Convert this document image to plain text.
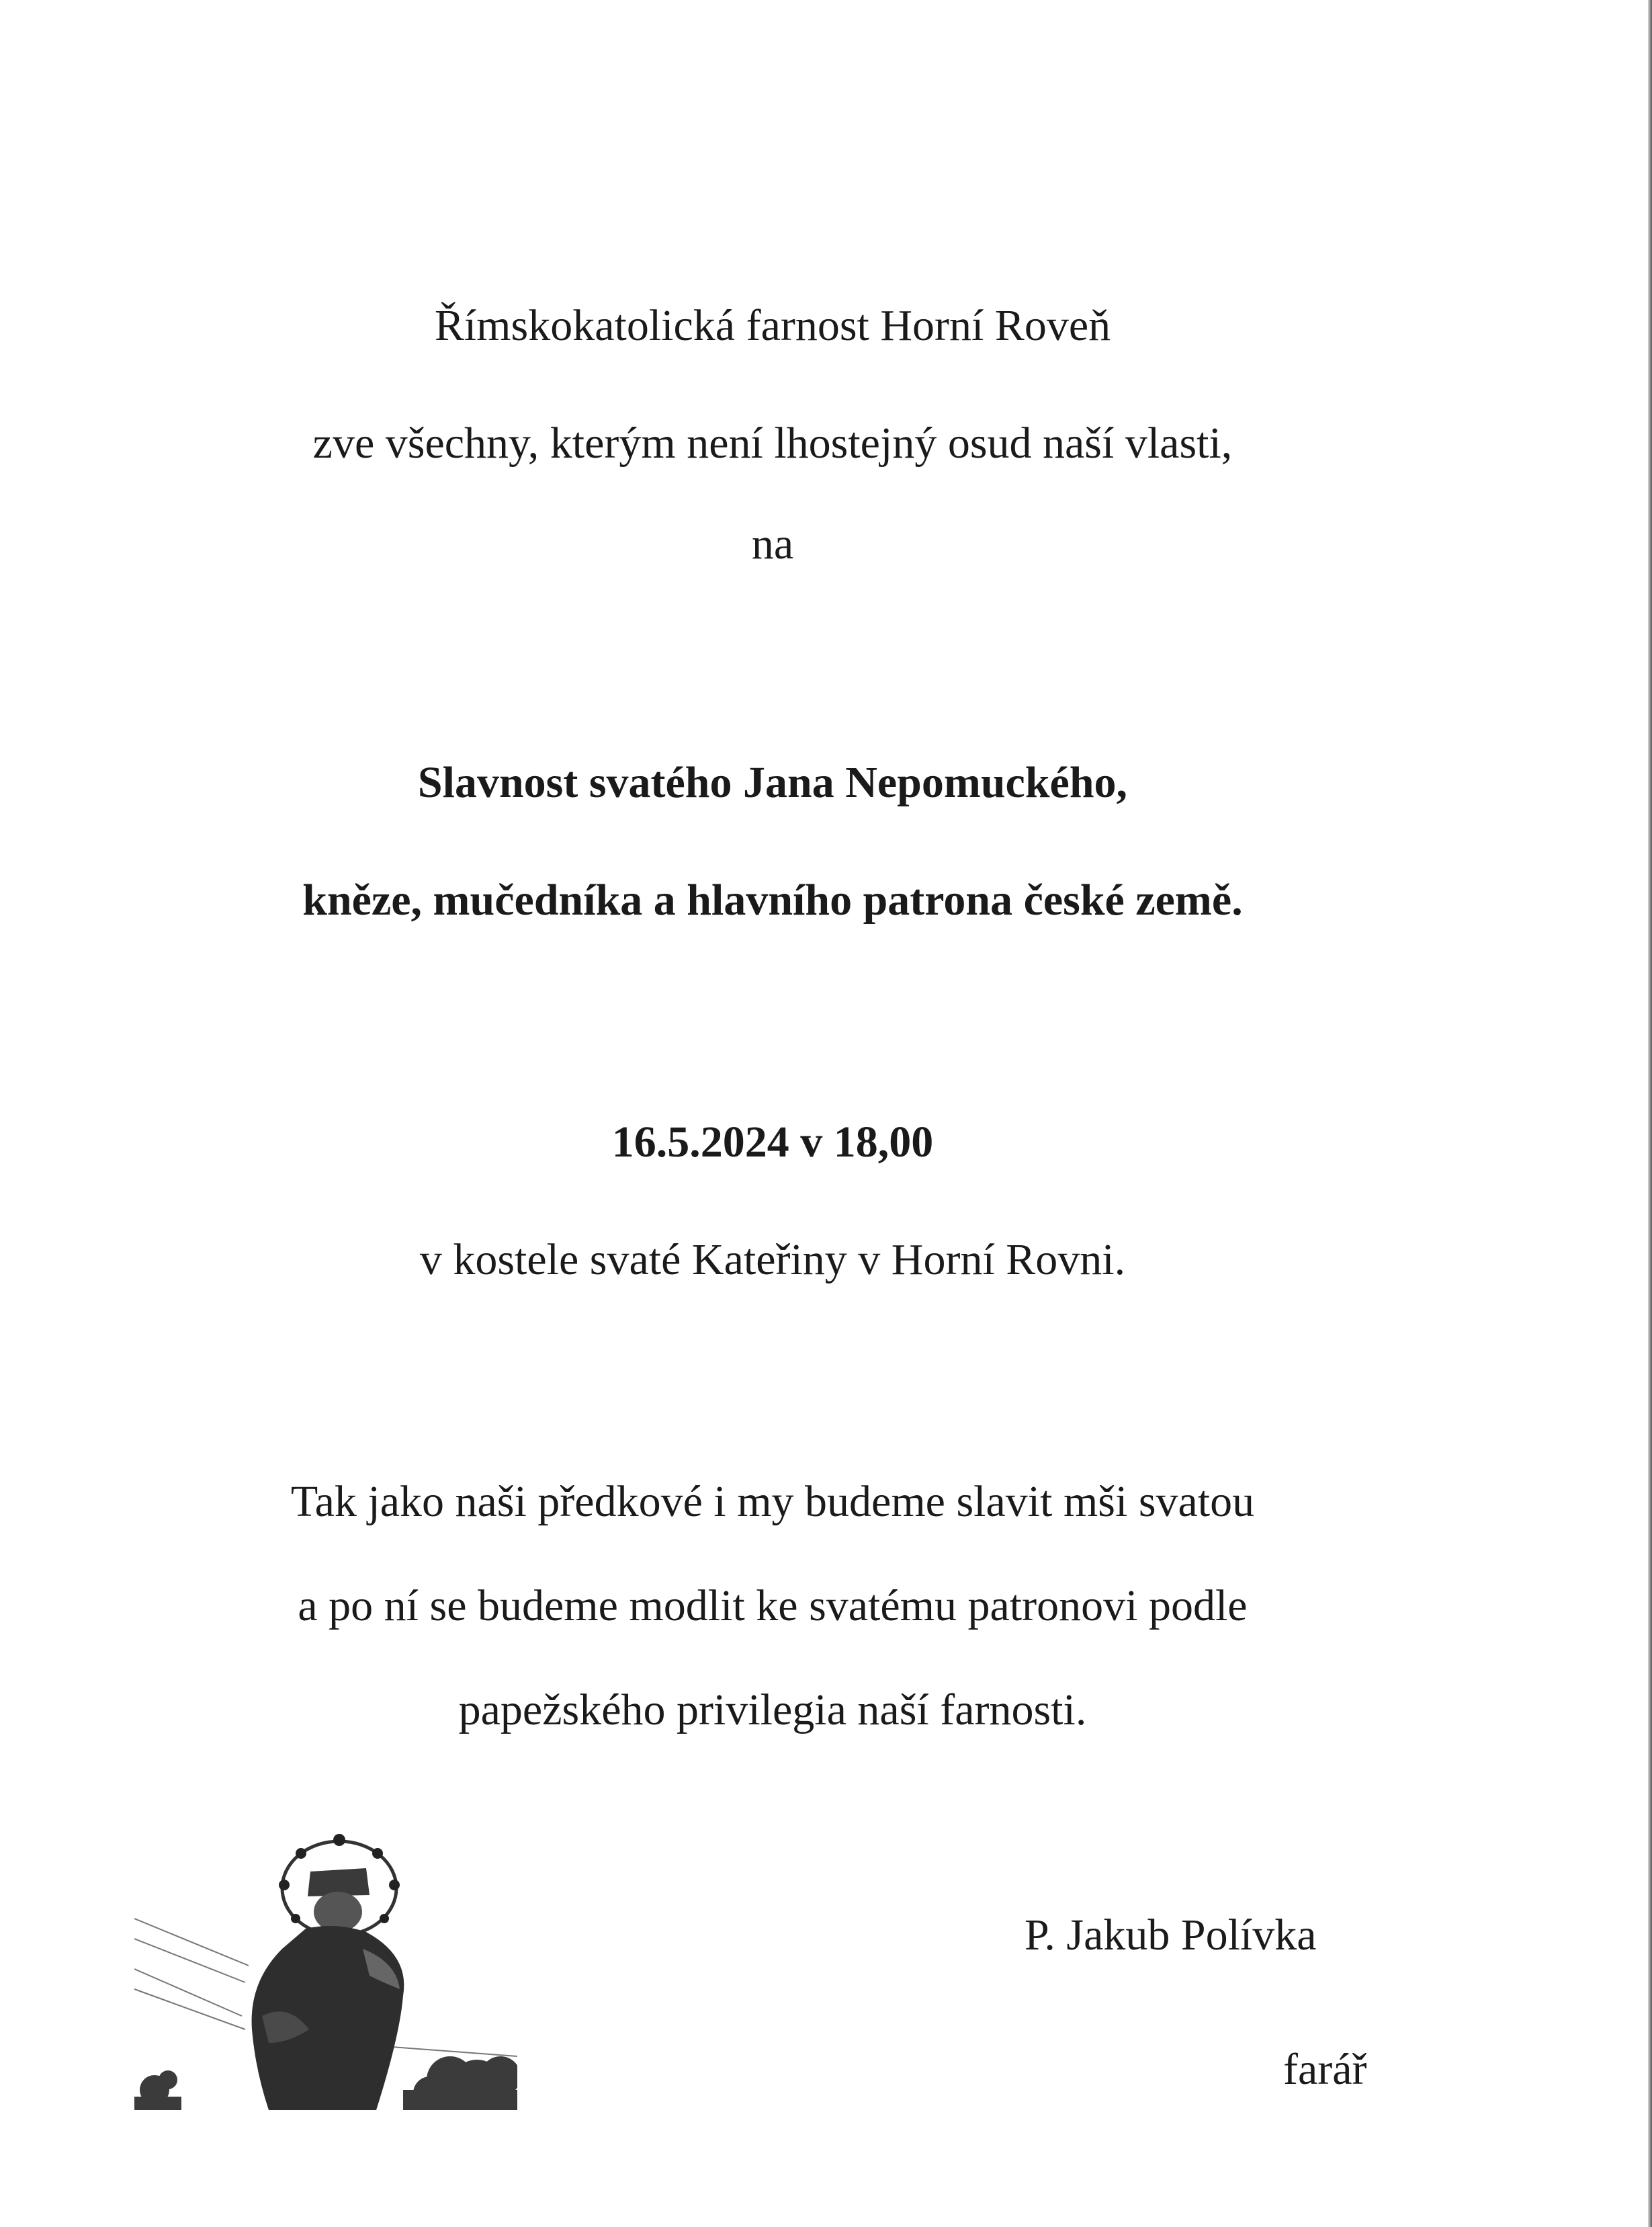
Římskokatolická farnost Horní Roveň
zve všechny, kterým není lhostejný osud naší vlasti,
na
Slavnost svatého Jana Nepomuckého,
kněze, mučedníka a hlavního patrona české země.
16.5.2024 v 18,00
v kostele svaté Kateřiny v Horní Rovni.
Tak jako naši předkové i my budeme slavit mši svatou
a po ní se budeme modlit ke svatému patronovi podle
papežského privilegia naší farnosti.
P. Jakub Polívka
farář
